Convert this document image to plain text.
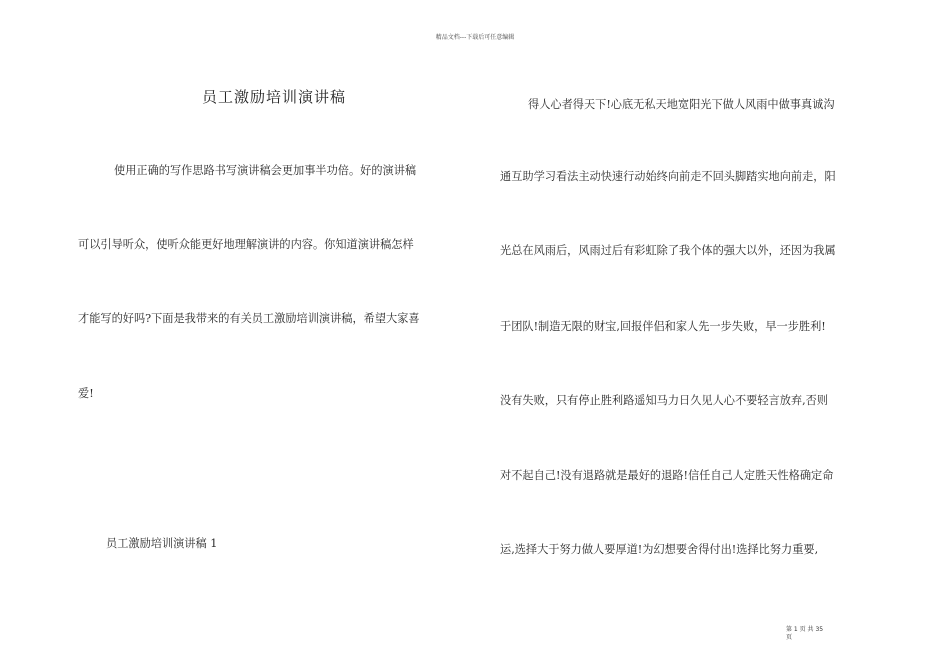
精品文档---下载后可任意编辑
员工激励培训演讲稿
使用正确的写作思路书写演讲稿会更加事半功倍。好的演讲稿
可以引导听众，使听众能更好地理解演讲的内容。你知道演讲稿怎样
才能写的好吗?下面是我带来的有关员工激励培训演讲稿，希望大家喜
爱!
员工激励培训演讲稿 1
得人心者得天下!心底无私天地宽阳光下做人风雨中做事真诚沟
通互助学习看法主动快速行动始终向前走不回头脚踏实地向前走，阳
光总在风雨后，风雨过后有彩虹除了我个体的强大以外，还因为我属
于团队!制造无限的财宝,回报伴侣和家人先一步失败，早一步胜利!
没有失败，只有停止胜利路遥知马力日久见人心不要轻言放弃,否则
对不起自己!没有退路就是最好的退路!信任自己人定胜天性格确定命
运,选择大于努力做人要厚道!为幻想要舍得付出!选择比努力重要,
第 1 页 共 35
页
